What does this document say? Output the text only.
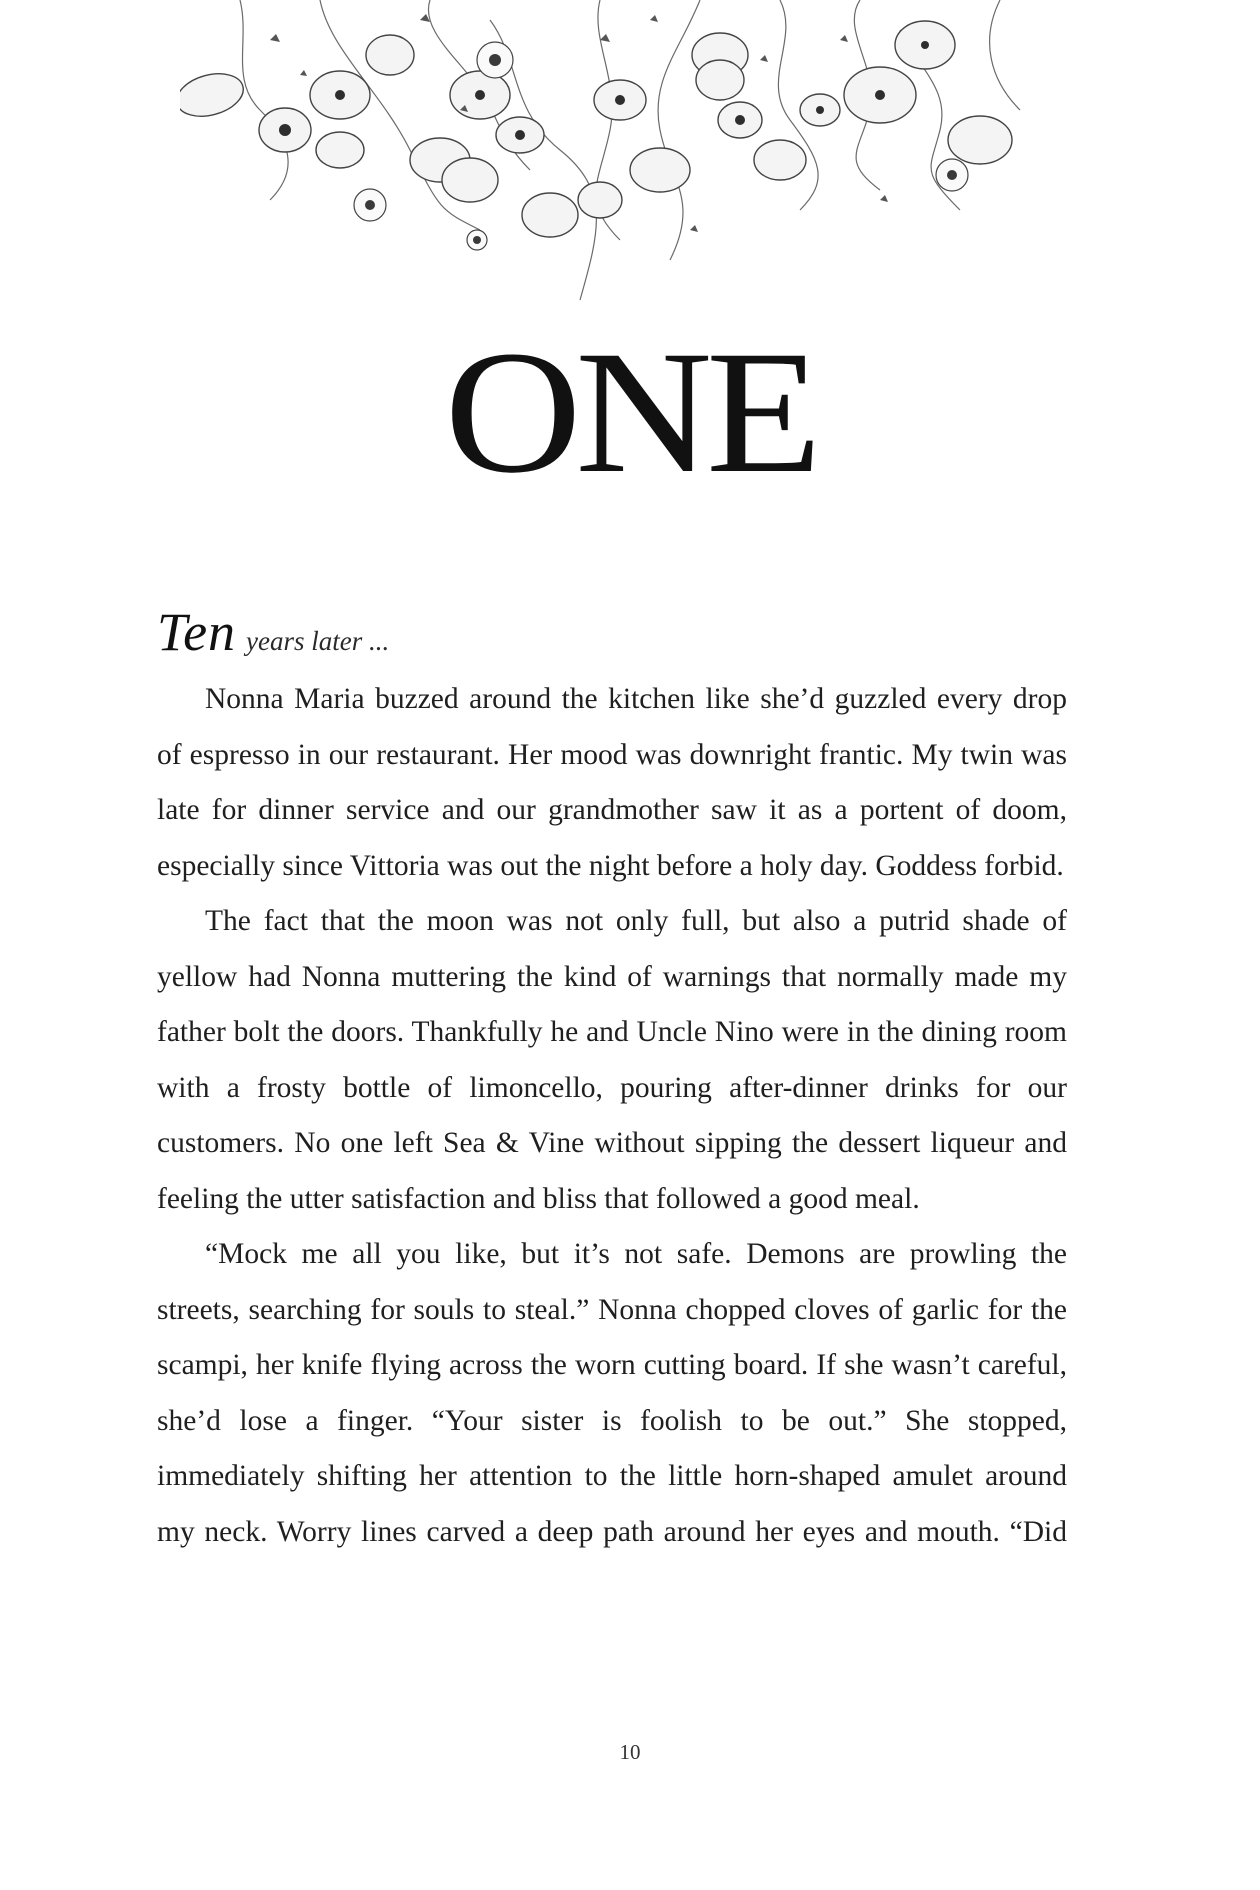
ONE
Ten years later ...

Nonna Maria buzzed around the kitchen like she’d guzzled every drop of espresso in our restaurant. Her mood was downright frantic. My twin was late for dinner service and our grandmother saw it as a portent of doom, especially since Vittoria was out the night before a holy day. Goddess forbid.

The fact that the moon was not only full, but also a putrid shade of yellow had Nonna muttering the kind of warnings that normally made my father bolt the doors. Thankfully he and Uncle Nino were in the dining room with a frosty bottle of limoncello, pouring after-dinner drinks for our customers. No one left Sea & Vine without sipping the dessert liqueur and feeling the utter satisfaction and bliss that followed a good meal.

“Mock me all you like, but it’s not safe. Demons are prowling the streets, searching for souls to steal.” Nonna chopped cloves of garlic for the scampi, her knife flying across the worn cutting board. If she wasn’t careful, she’d lose a finger. “Your sister is foolish to be out.” She stopped, immediately shifting her attention to the little horn-shaped amulet around my neck. Worry lines carved a deep path around her eyes and mouth. “Did

10
